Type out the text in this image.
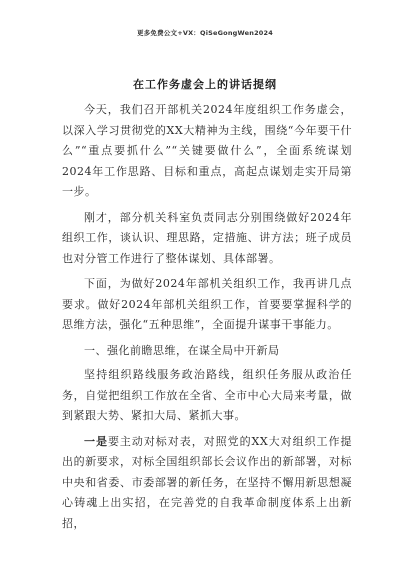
更多免费公文+VX：QiSeGongWen2024
在工作务虚会上的讲话提纲

今天，我们召开部机关2024年度组织工作务虚会，以深入学习贯彻党的XX大精神为主线，围绕“今年要干什么”“重点要抓什么”“关键要做什么”，全面系统谋划2024年工作思路、目标和重点，高起点谋划走实开局第一步。

刚才，部分机关科室负责同志分别围绕做好2024年组织工作，谈认识、理思路，定措施、讲方法；班子成员也对分管工作进行了整体谋划、具体部署。

下面，为做好2024年部机关组织工作，我再讲几点要求。做好2024年部机关组织工作，首要要掌握科学的思维方法，强化“五种思维”，全面提升谋事干事能力。

一、强化前瞻思维，在谋全局中开新局

坚持组织路线服务政治路线，组织任务服从政治任务，自觉把组织工作放在全省、全市中心大局来考量，做到紧跟大势、紧扣大局、紧抓大事。

一是要主动对标对表，对照党的XX大对组织工作提出的新要求，对标全国组织部长会议作出的新部署，对标中央和省委、市委部署的新任务，在坚持不懈用新思想凝心铸魂上出实招，在完善党的自我革命制度体系上出新招，
